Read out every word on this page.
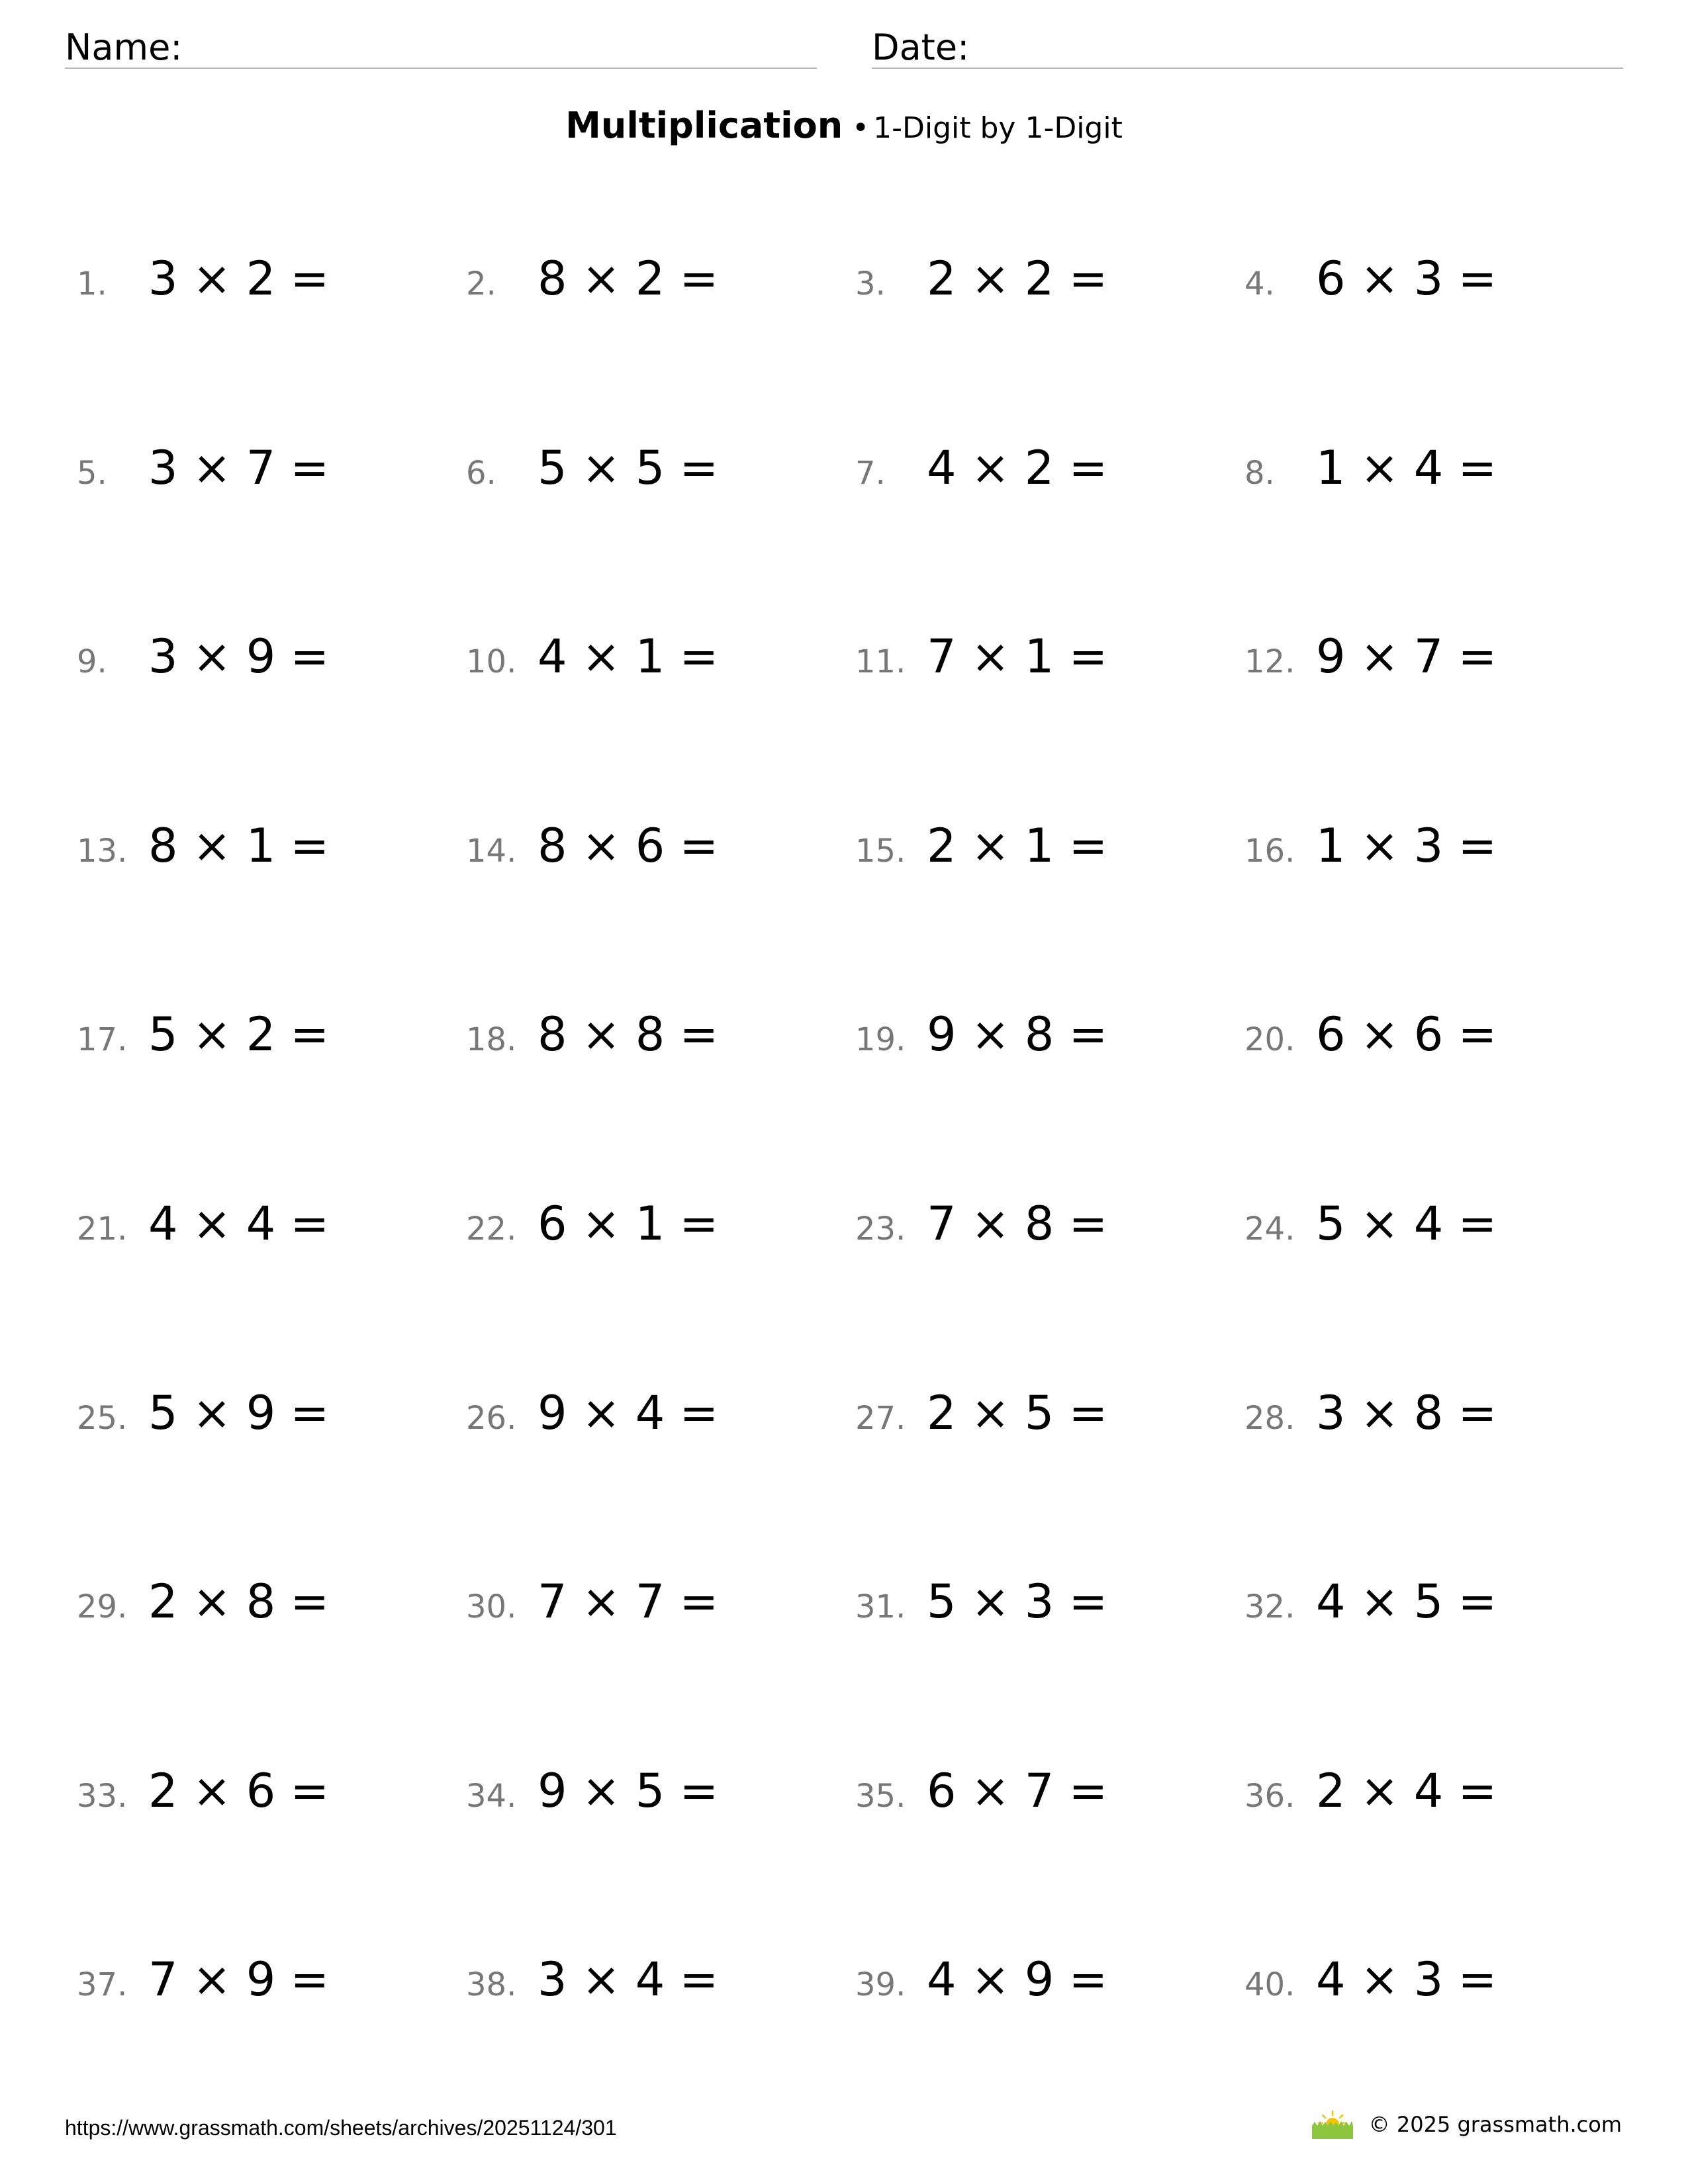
Name:	Date:
Multiplication • 1-Digit by 1-Digit
1. 3 × 2 =	2. 8 × 2 =	3. 2 × 2 =	4. 6 × 3 =
5. 3 × 7 =	6. 5 × 5 =	7. 4 × 2 =	8. 1 × 4 =
9. 3 × 9 =	10. 4 × 1 =	11. 7 × 1 =	12. 9 × 7 =
13. 8 × 1 =	14. 8 × 6 =	15. 2 × 1 =	16. 1 × 3 =
17. 5 × 2 =	18. 8 × 8 =	19. 9 × 8 =	20. 6 × 6 =
21. 4 × 4 =	22. 6 × 1 =	23. 7 × 8 =	24. 5 × 4 =
25. 5 × 9 =	26. 9 × 4 =	27. 2 × 5 =	28. 3 × 8 =
29. 2 × 8 =	30. 7 × 7 =	31. 5 × 3 =	32. 4 × 5 =
33. 2 × 6 =	34. 9 × 5 =	35. 6 × 7 =	36. 2 × 4 =
37. 7 × 9 =	38. 3 × 4 =	39. 4 × 9 =	40. 4 × 3 =
https://www.grassmath.com/sheets/archives/20251124/301	© 2025 grassmath.com
